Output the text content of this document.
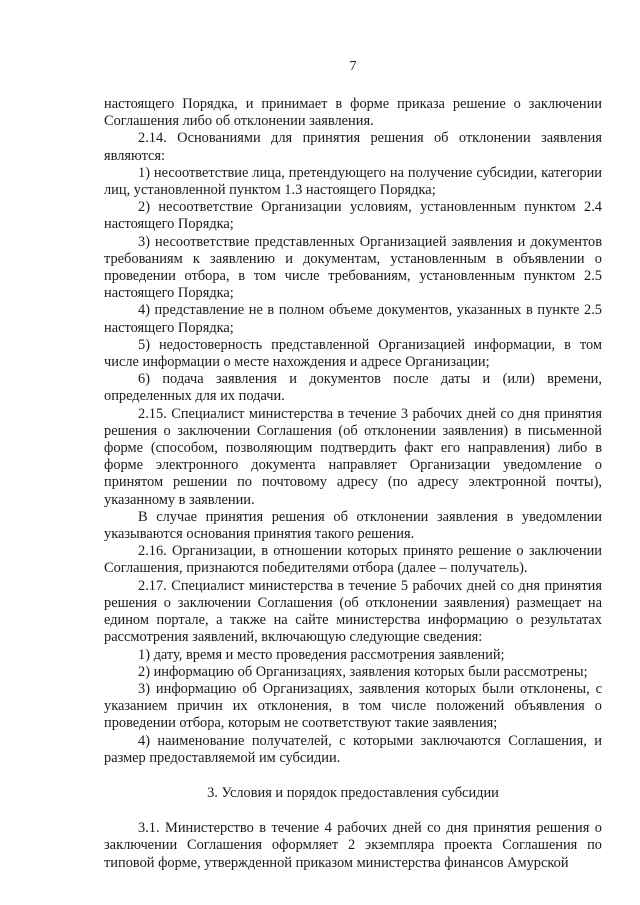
7

настоящего Порядка, и принимает в форме приказа решение о заключении Соглашения либо об отклонении заявления.

2.14. Основаниями для принятия решения об отклонении заявления являются:

1) несоответствие лица, претендующего на получение субсидии, категории лиц, установленной пунктом 1.3 настоящего Порядка;

2) несоответствие Организации условиям, установленным пунктом 2.4 настоящего Порядка;

3) несоответствие представленных Организацией заявления и документов требованиям к заявлению и документам, установленным в объявлении о проведении отбора, в том числе требованиям, установленным пунктом 2.5 настоящего Порядка;

4) представление не в полном объеме документов, указанных в пункте 2.5 настоящего Порядка;

5) недостоверность представленной Организацией информации, в том числе информации о месте нахождения и адресе Организации;

6) подача заявления и документов после даты и (или) времени, определенных для их подачи.

2.15. Специалист министерства в течение 3 рабочих дней со дня принятия решения о заключении Соглашения (об отклонении заявления) в письменной форме (способом, позволяющим подтвердить факт его направления) либо в форме электронного документа направляет Организации уведомление о принятом решении по почтовому адресу (по адресу электронной почты), указанному в заявлении.

В случае принятия решения об отклонении заявления в уведомлении указываются основания принятия такого решения.

2.16. Организации, в отношении которых принято решение о заключении Соглашения, признаются победителями отбора (далее – получатель).

2.17. Специалист министерства в течение 5 рабочих дней со дня принятия решения о заключении Соглашения (об отклонении заявления) размещает на едином портале, а также на сайте министерства информацию о результатах рассмотрения заявлений, включающую следующие сведения:

1) дату, время и место проведения рассмотрения заявлений;

2) информацию об Организациях, заявления которых были рассмотрены;

3) информацию об Организациях, заявления которых были отклонены, с указанием причин их отклонения, в том числе положений объявления о проведении отбора, которым не соответствуют такие заявления;

4) наименование получателей, с которыми заключаются Соглашения, и размер предоставляемой им субсидии.

3. Условия и порядок предоставления субсидии

3.1. Министерство в течение 4 рабочих дней со дня принятия решения о заключении Соглашения оформляет 2 экземпляра проекта Соглашения по типовой форме, утвержденной приказом министерства финансов Амурской
